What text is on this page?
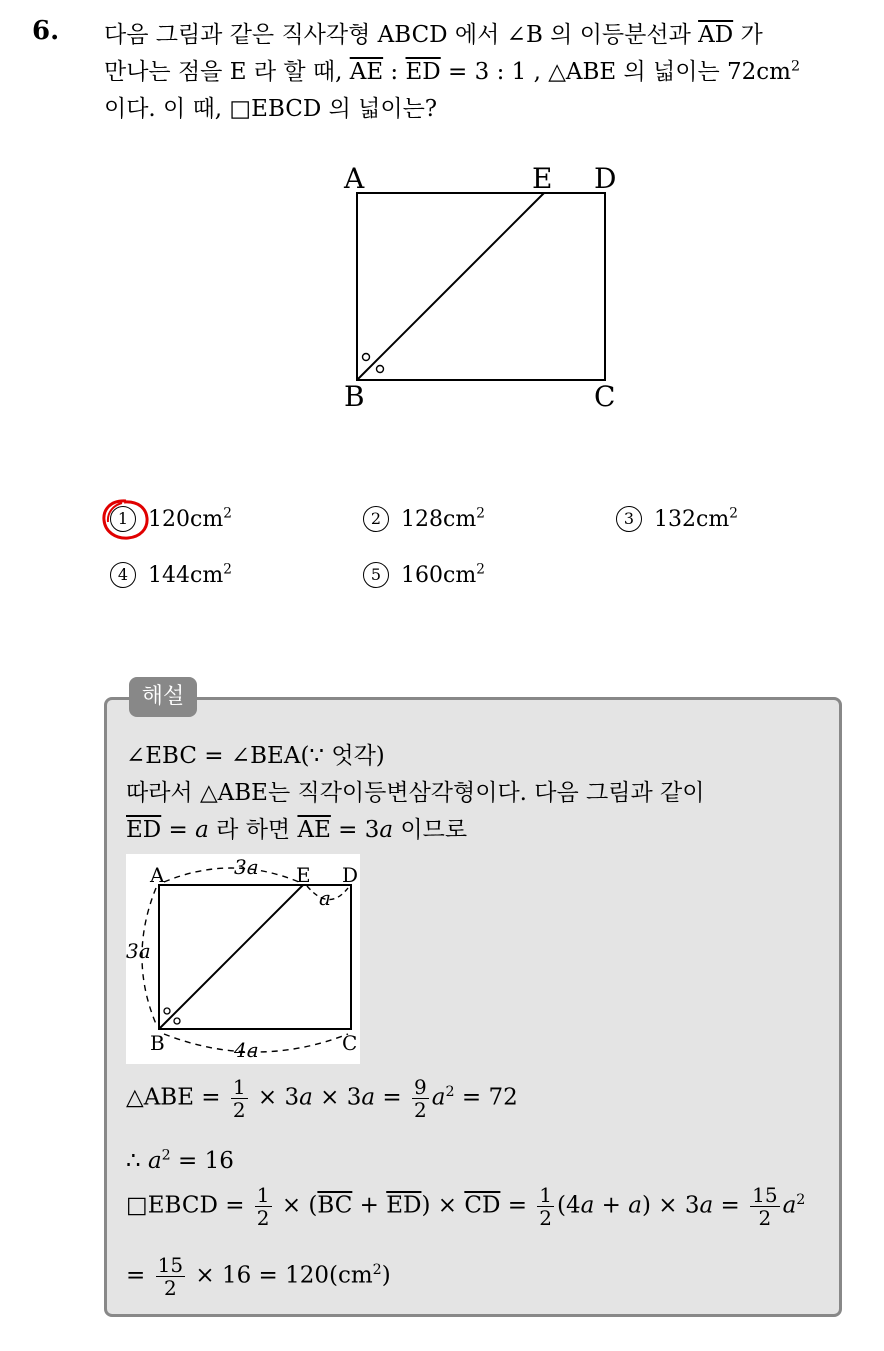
6. 다음 그림과 같은 직사각형 ABCD 에서 ∠B 의 이등분선과 $\overline{AD}$ 가
만나는 점을 E 라 할 때, $\overline{AE}$ : $\overline{ED} = 3$ : 1 , △ABE 의 넓이는 $72cm^2$
이다. 이 때, □EBCD 의 넓이는?
A	E D
B	C
1 $120cm^2$	2 $128cm^2$	3 $132cm^2$
4 $144cm^2$	5 $160cm^2$
해설
∠EBC = ∠BEA(∵ 엇각)
따라서 △ABE는 직각이등변삼각형이다. 다음 그림과 같이
$\overline{ED} = a$ 라 하면 $\overline{AE} = 3a$ 이므로
3a
3a
a
4a
A	E D
B	C
△ABE = $\frac{1}{2} \times 3a \times 3a = \frac{9}{2} a^2 = 72$
∴ $a^2 = 16$
□EBCD = $\frac{1}{2} \times (\overline{BC} + \overline{ED}) \times \overline{CD} = \frac{1}{2} (4a + a) \times 3a = \frac{15}{2} a^2$
= $\frac{15}{2} \times 16 = 120(cm^2)$
